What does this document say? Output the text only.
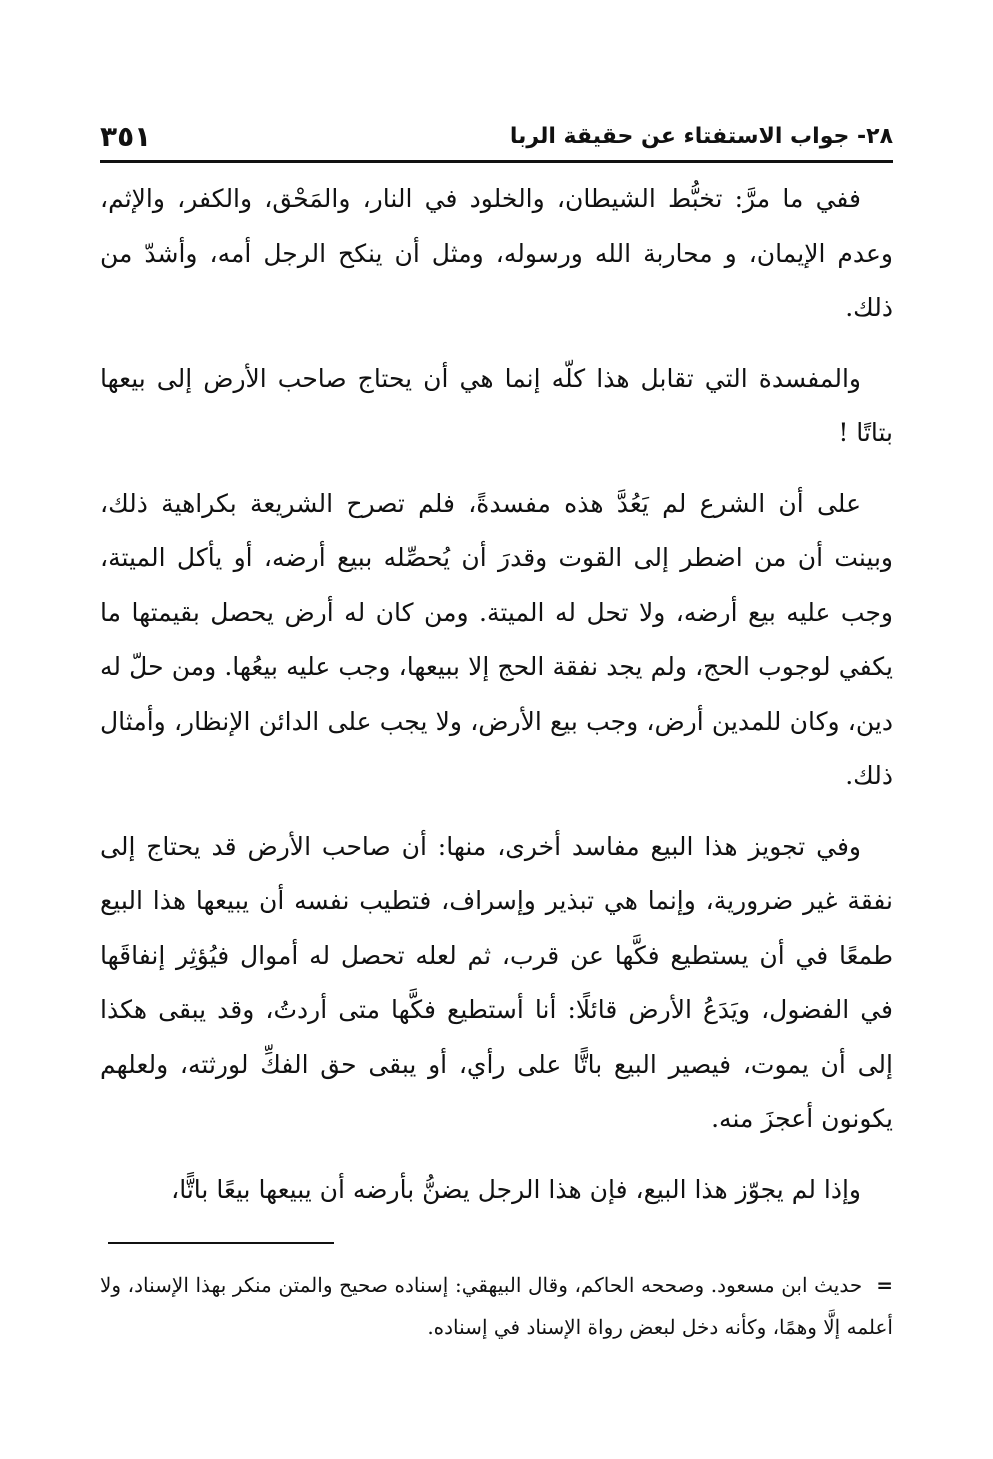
٢٨- جواب الاستفتاء عن حقيقة الربا
٣٥١

ففي ما مرَّ: تخبُّط الشيطان، والخلود في النار، والمَحْق، والكفر، والإثم، وعدم الإيمان، و محاربة الله ورسوله، ومثل أن ينكح الرجل أمه، وأشدّ من ذلك.

والمفسدة التي تقابل هذا كلّه إنما هي أن يحتاج صاحب الأرض إلى بيعها بتاتًا !

على أن الشرع لم يَعُدَّ هذه مفسدةً، فلم تصرح الشريعة بكراهية ذلك، وبينت أن من اضطر إلى القوت وقدرَ أن يُحصِّله ببيع أرضه، أو يأكل الميتة، وجب عليه بيع أرضه، ولا تحل له الميتة. ومن كان له أرض يحصل بقيمتها ما يكفي لوجوب الحج، ولم يجد نفقة الحج إلا ببيعها، وجب عليه بيعُها. ومن حلّ له دين، وكان للمدين أرض، وجب بيع الأرض، ولا يجب على الدائن الإنظار، وأمثال ذلك.

وفي تجويز هذا البيع مفاسد أخرى، منها: أن صاحب الأرض قد يحتاج إلى نفقة غير ضرورية، وإنما هي تبذير وإسراف، فتطيب نفسه أن يبيعها هذا البيع طمعًا في أن يستطيع فكَّها عن قرب، ثم لعله تحصل له أموال فيُؤثِر إنفاقَها في الفضول، ويَدَعُ الأرض قائلًا: أنا أستطيع فكَّها متى أردتُ، وقد يبقى هكذا إلى أن يموت، فيصير البيع باتًّا على رأي، أو يبقى حق الفكِّ لورثته، ولعلهم يكونون أعجزَ منه.

وإذا لم يجوّز هذا البيع، فإن هذا الرجل يضنُّ بأرضه أن يبيعها بيعًا باتًّا،

=حديث ابن مسعود. وصححه الحاكم، وقال البيهقي: إسناده صحيح والمتن منكر بهذا الإسناد، ولا أعلمه إلَّا وهمًا، وكأنه دخل لبعض رواة الإسناد في إسناده.
